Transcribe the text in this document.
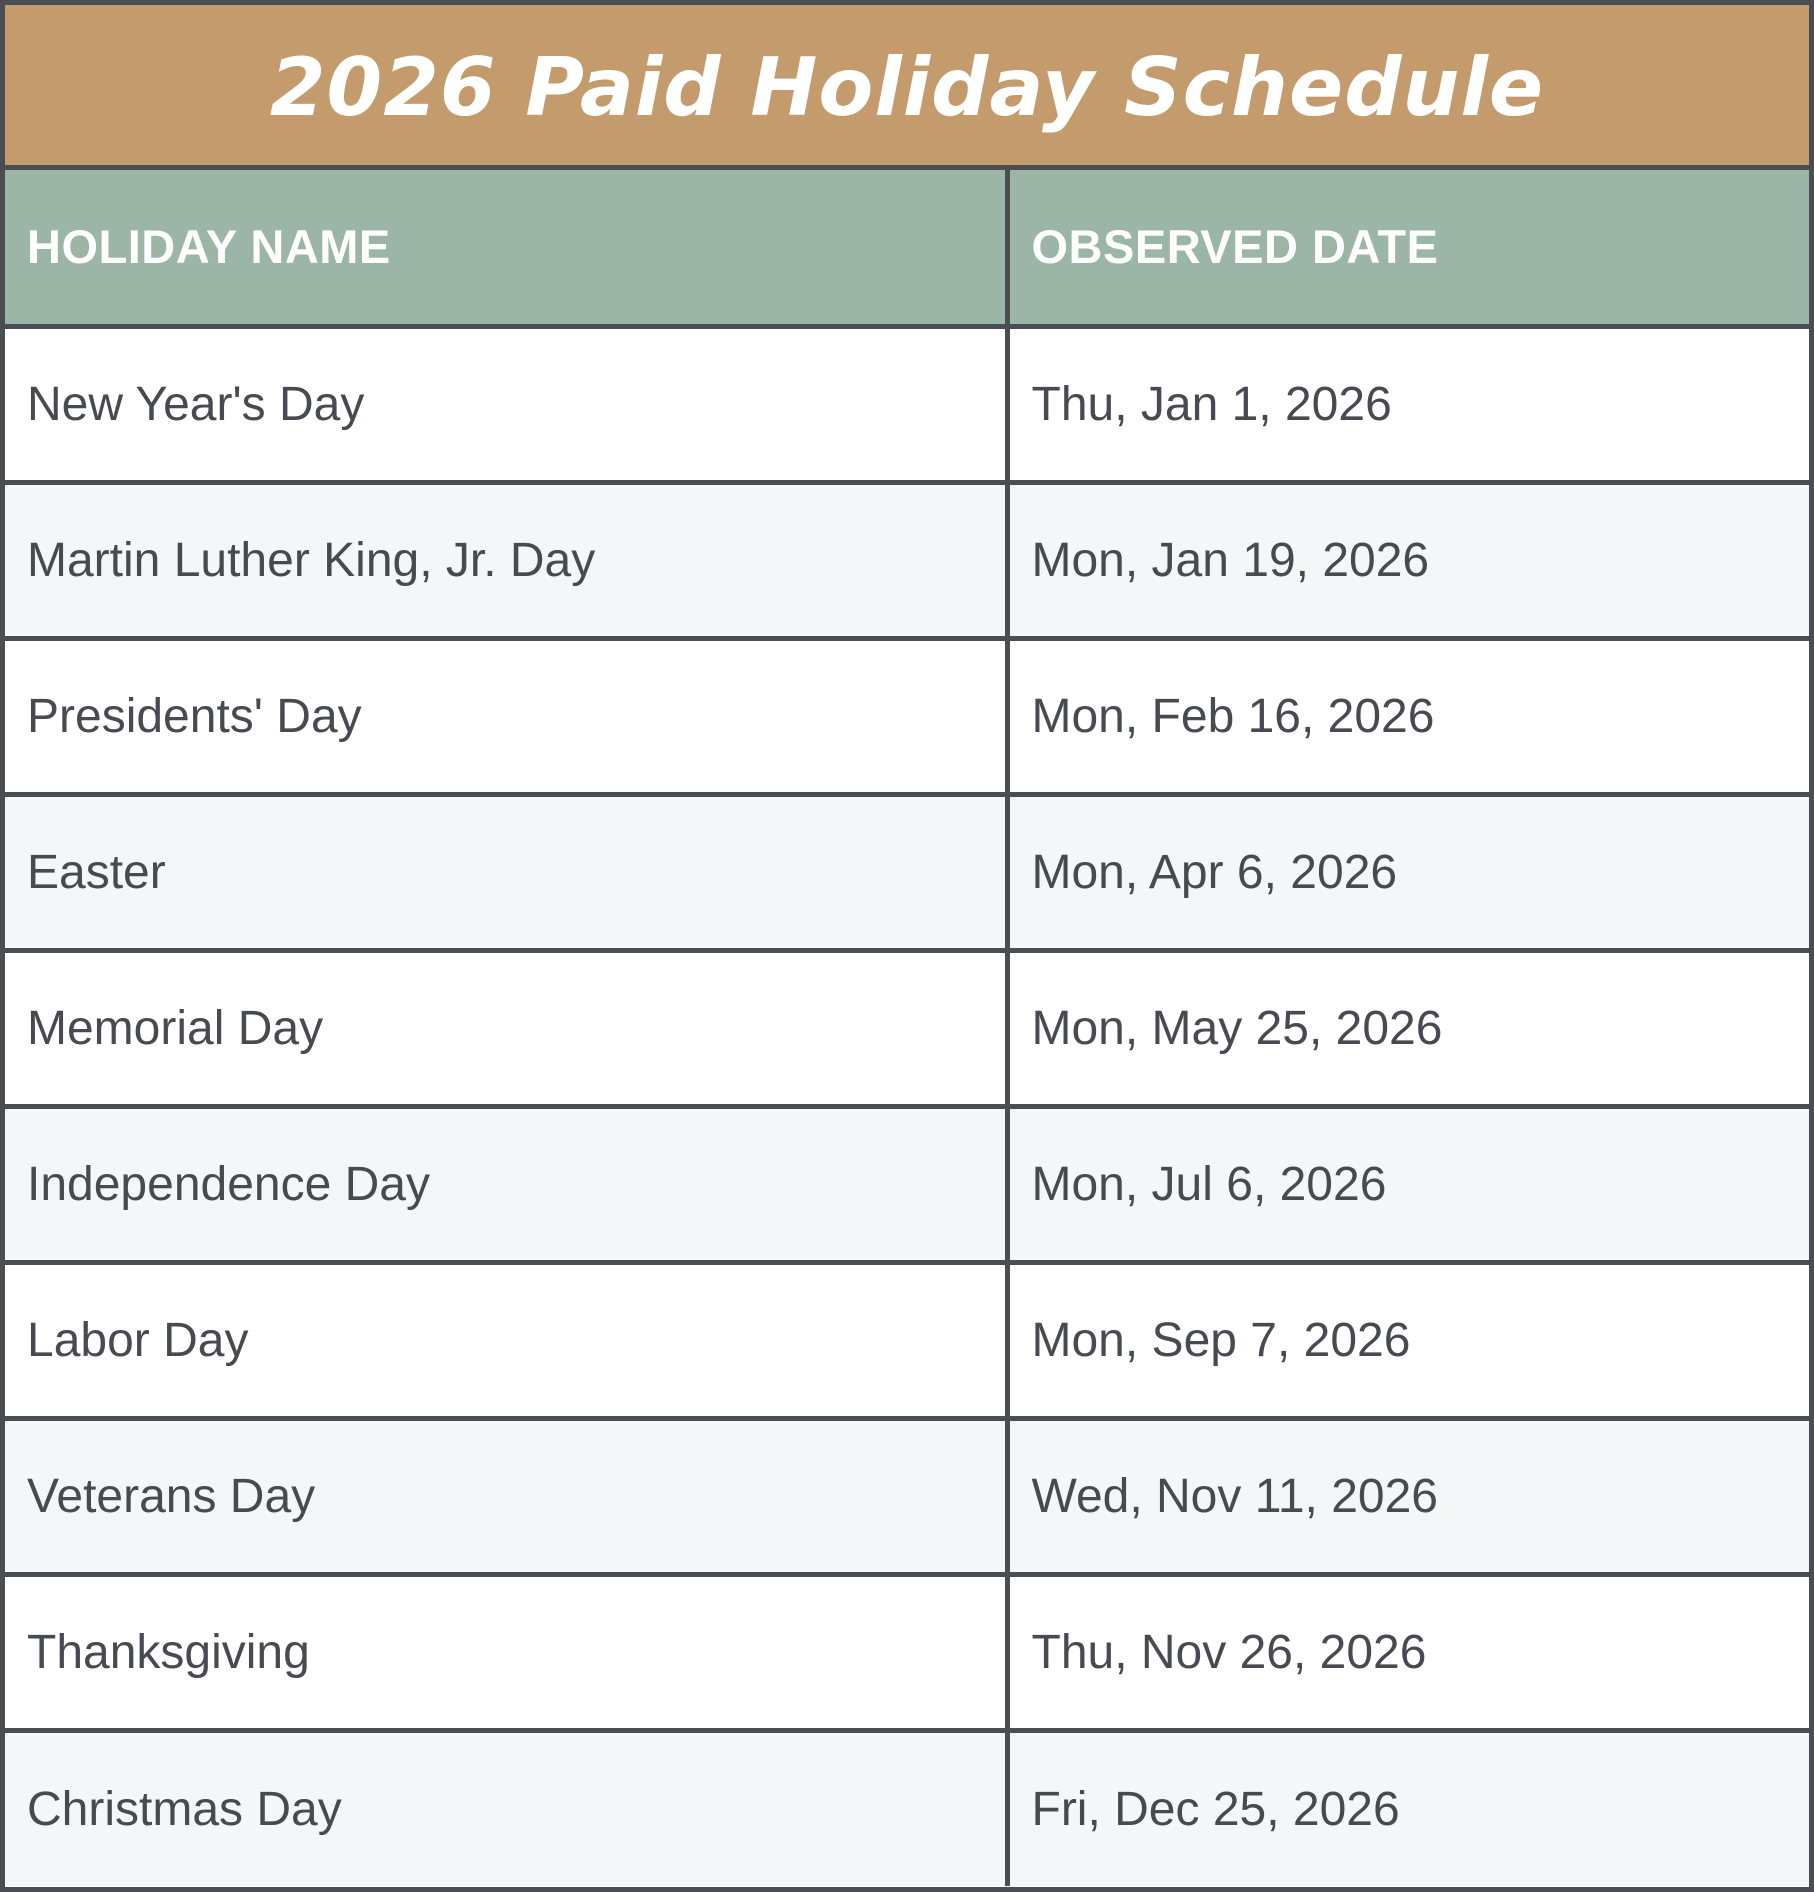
2026 Paid Holiday Schedule
HOLIDAY NAME	OBSERVED DATE
New Year's Day	Thu, Jan 1, 2026
Martin Luther King, Jr. Day	Mon, Jan 19, 2026
Presidents' Day	Mon, Feb 16, 2026
Easter	Mon, Apr 6, 2026
Memorial Day	Mon, May 25, 2026
Independence Day	Mon, Jul 6, 2026
Labor Day	Mon, Sep 7, 2026
Veterans Day	Wed, Nov 11, 2026
Thanksgiving	Thu, Nov 26, 2026
Christmas Day	Fri, Dec 25, 2026
